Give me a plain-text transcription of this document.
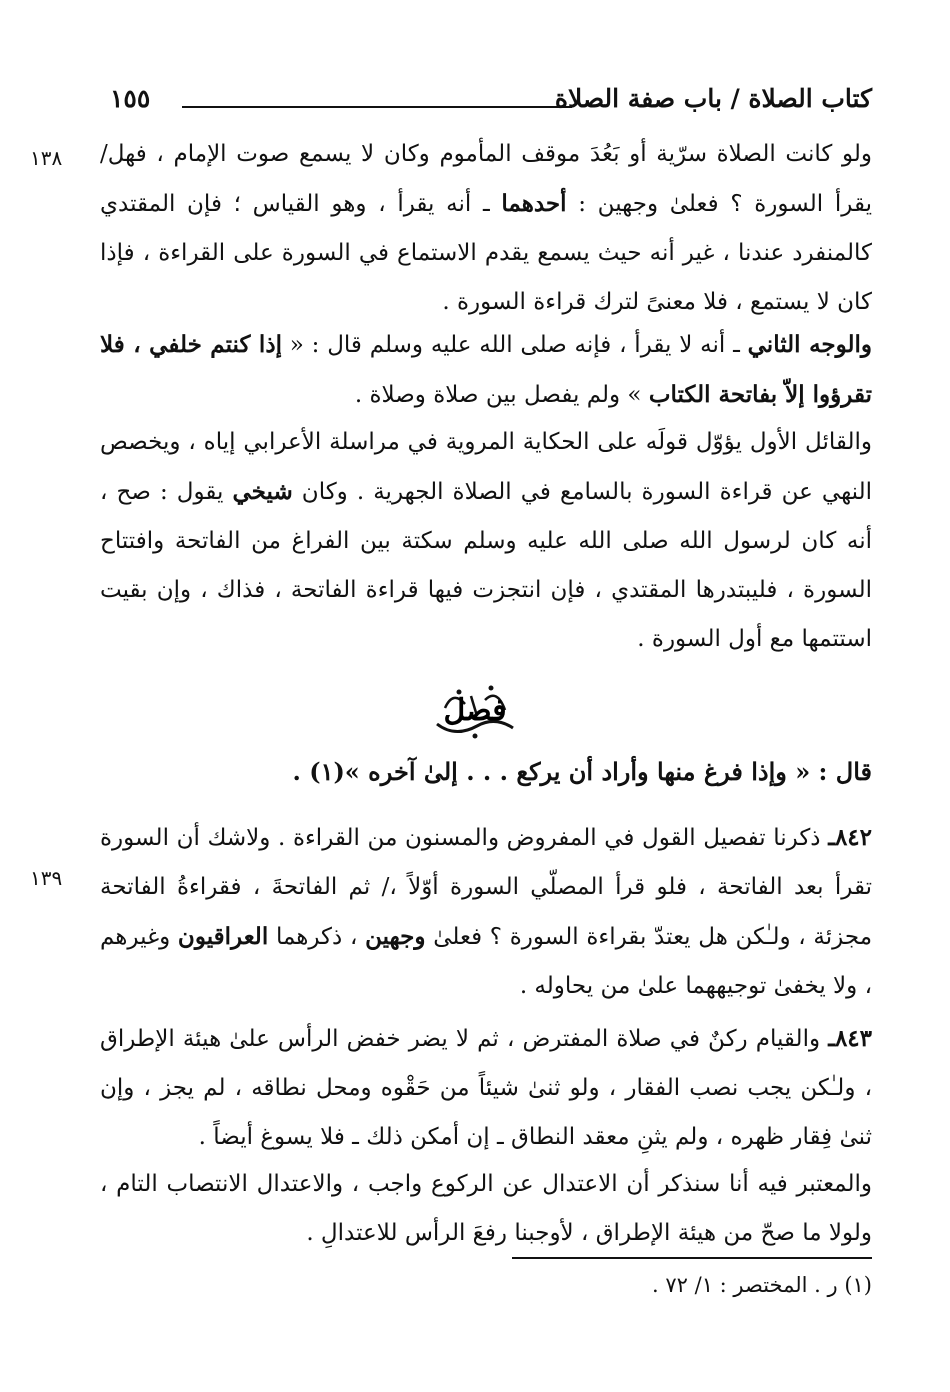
كتاب الصلاة / باب صفة الصلاة
١٥٥
١٣٨
١٣٩
ولو كانت الصلاة سرّية أو بَعُدَ موقف المأموم وكان لا يسمع صوت الإمام ، فهل/ يقرأ السورة ؟ فعلىٰ وجهين : أحدهما ـ أنه يقرأ ، وهو القياس ؛ فإن المقتدي كالمنفرد عندنا ، غير أنه حيث يسمع يقدم الاستماع في السورة على القراءة ، فإذا كان لا يستمع ، فلا معنىً لترك قراءة السورة .
والوجه الثاني ـ أنه لا يقرأ ، فإنه صلى الله عليه وسلم قال : « إذا كنتم خلفي ، فلا تقرؤوا إلاّ بفاتحة الكتاب » ولم يفصل بين صلاة وصلاة .
والقائل الأول يؤوّل قولَه على الحكاية المروية في مراسلة الأعرابي إياه ، ويخصص النهي عن قراءة السورة بالسامع في الصلاة الجهرية . وكان شيخي يقول : صح ، أنه كان لرسول الله صلى الله عليه وسلم سكتة بين الفراغ من الفاتحة وافتتاح السورة ، فليبتدرها المقتدي ، فإن انتجزت فيها قراءة الفاتحة ، فذاك ، وإن بقيت استتمها مع أول السورة .
فصل
قال : « وإذا فرغ منها وأراد أن يركع . . . إلىٰ آخره »(١) .
٨٤٢ـ ذكرنا تفصيل القول في المفروض والمسنون من القراءة . ولاشك أن السورة تقرأ بعد الفاتحة ، فلو قرأ المصلّي السورة أوّلاً ،/ ثم الفاتحةَ ، فقراءةُ الفاتحة مجزئة ، ولـٰكن هل يعتدّ بقراءة السورة ؟ فعلىٰ وجهين ، ذكرهما العراقيون وغيرهم ، ولا يخفىٰ توجيههما علىٰ من يحاوله .
٨٤٣ـ والقيام ركنٌ في صلاة المفترض ، ثم لا يضر خفض الرأس علىٰ هيئة الإطراق ، ولـٰكن يجب نصب الفقار ، ولو ثنىٰ شيئاً من حَقْوه ومحل نطاقه ، لم يجز ، وإن ثنىٰ فِقار ظهره ، ولم يثنِ معقد النطاق ـ إن أمكن ذلك ـ فلا يسوغ أيضاً .
والمعتبر فيه أنا سنذكر أن الاعتدال عن الركوع واجب ، والاعتدال الانتصاب التام ، ولولا ما صحّ من هيئة الإطراق ، لأوجبنا رفعَ الرأس للاعتدالِ .
(١) ر . المختصر : ١/ ٧٢ .
